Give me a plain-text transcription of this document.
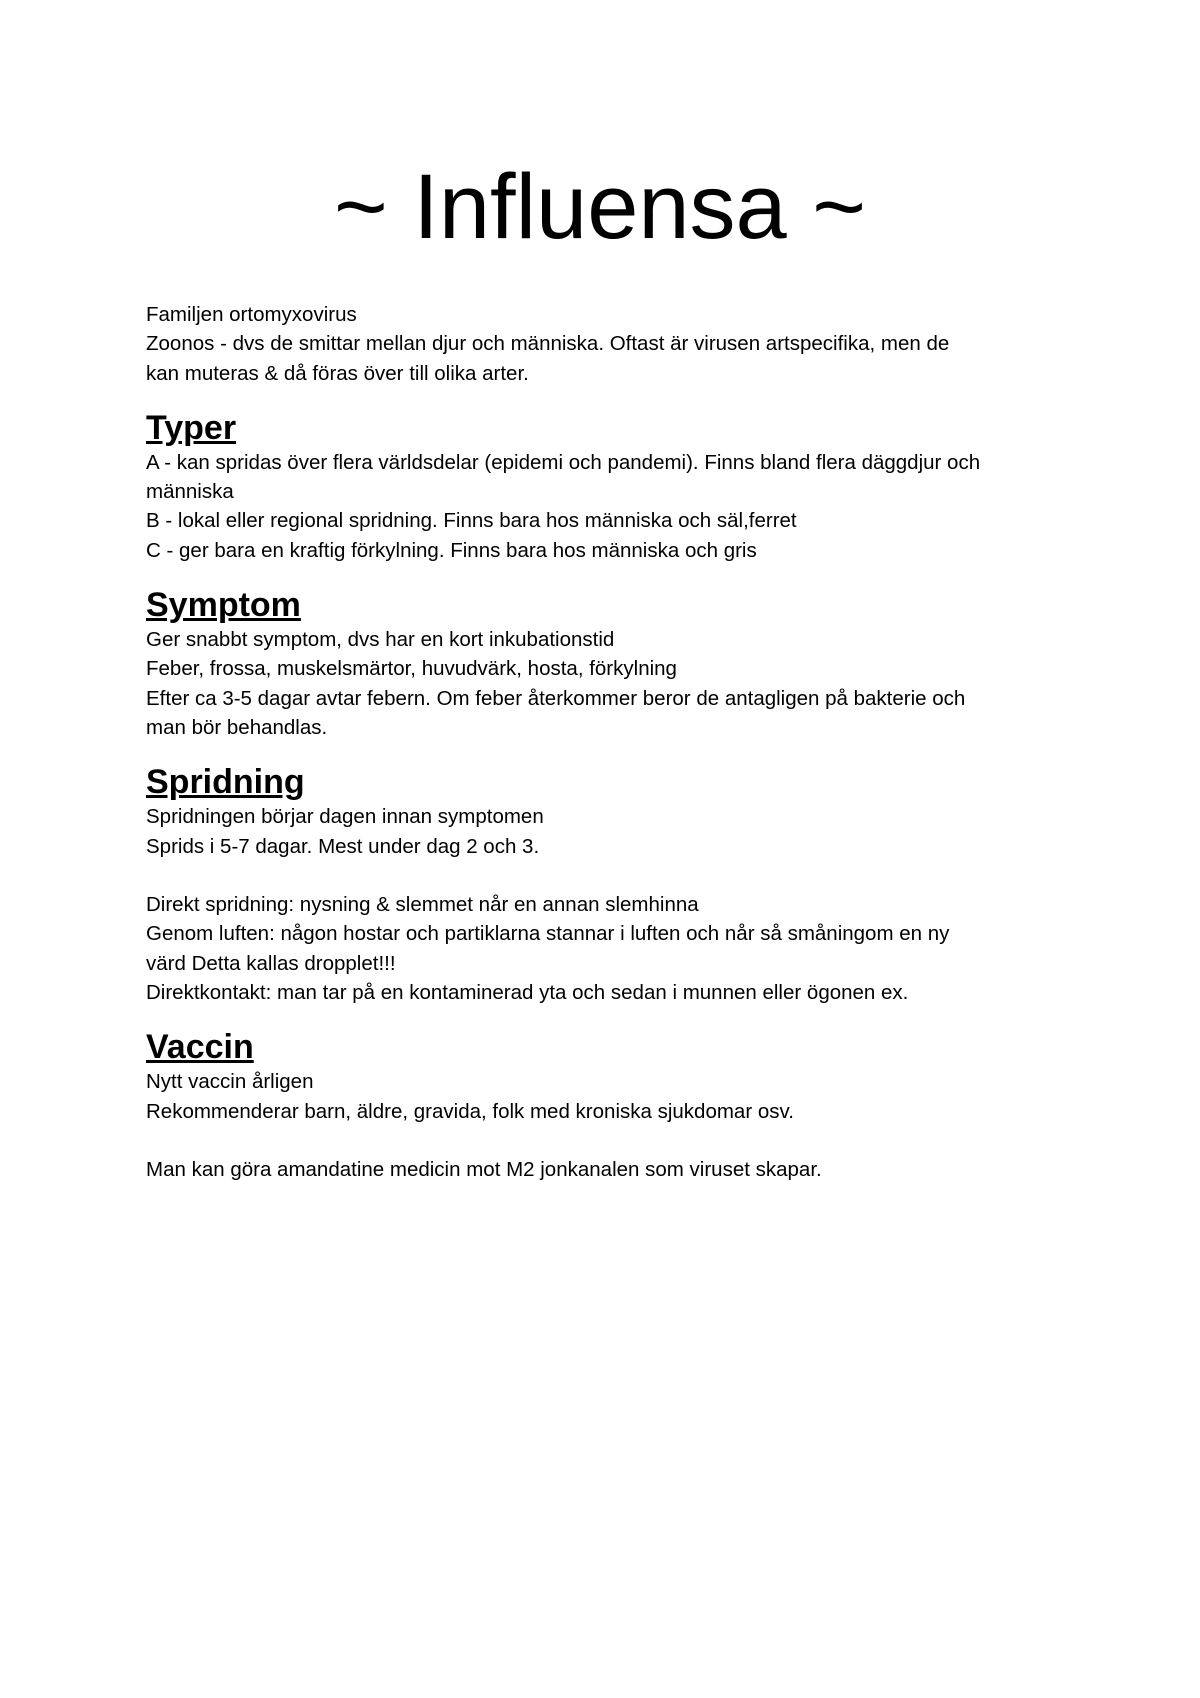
~ Influensa ~
Familjen ortomyxovirus
Zoonos - dvs de smittar mellan djur och människa. Oftast är virusen artspecifika, men de
kan muteras & då föras över till olika arter.
Typer
A - kan spridas över flera världsdelar (epidemi och pandemi). Finns bland flera däggdjur och
människa
B - lokal eller regional spridning. Finns bara hos människa och säl,ferret
C - ger bara en kraftig förkylning. Finns bara hos människa och gris
Symptom
Ger snabbt symptom, dvs har en kort inkubationstid
Feber, frossa, muskelsmärtor, huvudvärk, hosta, förkylning
Efter ca 3-5 dagar avtar febern. Om feber återkommer beror de antagligen på bakterie och
man bör behandlas.
Spridning
Spridningen börjar dagen innan symptomen
Sprids i 5-7 dagar. Mest under dag 2 och 3.
Direkt spridning: nysning & slemmet når en annan slemhinna
Genom luften: någon hostar och partiklarna stannar i luften och når så småningom en ny
värd Detta kallas dropplet!!!
Direktkontakt: man tar på en kontaminerad yta och sedan i munnen eller ögonen ex.
Vaccin
Nytt vaccin årligen
Rekommenderar barn, äldre, gravida, folk med kroniska sjukdomar osv.
Man kan göra amandatine medicin mot M2 jonkanalen som viruset skapar.
